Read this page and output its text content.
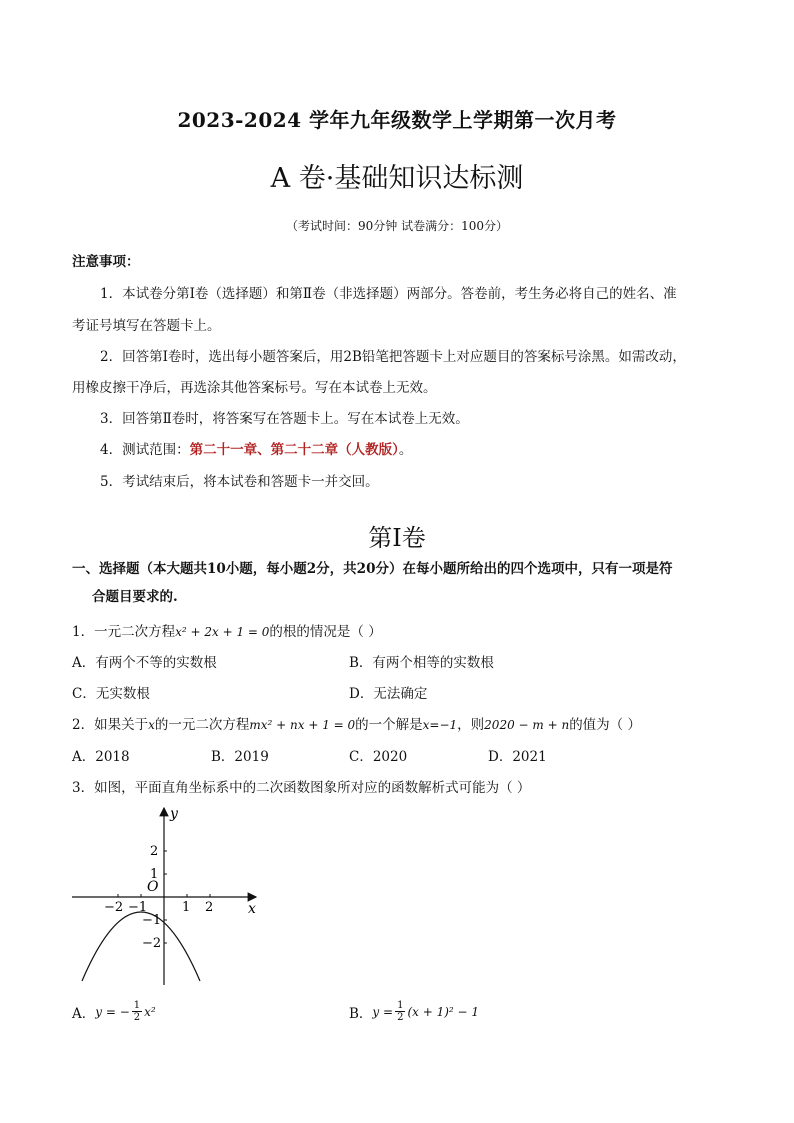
2023-2024 学年九年级数学上学期第一次月考
A 卷·基础知识达标测
（考试时间：90分钟 试卷满分：100分）
注意事项：
1．本试卷分第Ⅰ卷（选择题）和第Ⅱ卷（非选择题）两部分。答卷前，考生务必将自己的姓名、准
考证号填写在答题卡上。
2．回答第Ⅰ卷时，选出每小题答案后，用2B铅笔把答题卡上对应题目的答案标号涂黑。如需改动，
用橡皮擦干净后，再选涂其他答案标号。写在本试卷上无效。
3．回答第Ⅱ卷时，将答案写在答题卡上。写在本试卷上无效。
4．测试范围：第二十一章、第二十二章（人教版）。
5．考试结束后，将本试卷和答题卡一并交回。
第Ⅰ卷
一、选择题（本大题共10小题，每小题2分，共20分）在每小题所给出的四个选项中，只有一项是符
合题目要求的.
1．一元二次方程x² + 2x + 1 = 0的根的情况是（ ）
A．有两个不等的实数根	B．有两个相等的实数根
C．无实数根	D．无法确定
2．如果关于x的一元二次方程mx² + nx + 1 = 0的一个解是x=−1，则2020 − m + n的值为（ ）
A．2018	B．2019	C．2020	D．2021
3．如图，平面直角坐标系中的二次函数图象所对应的函数解析式可能为（ ）
y
x
O
−2 −1	1 2
2
1
−1
−2
A． y = − $\frac{1}{2} x^2$	B． $y = \frac{1}{2} (x + 1)^2 - 1$
